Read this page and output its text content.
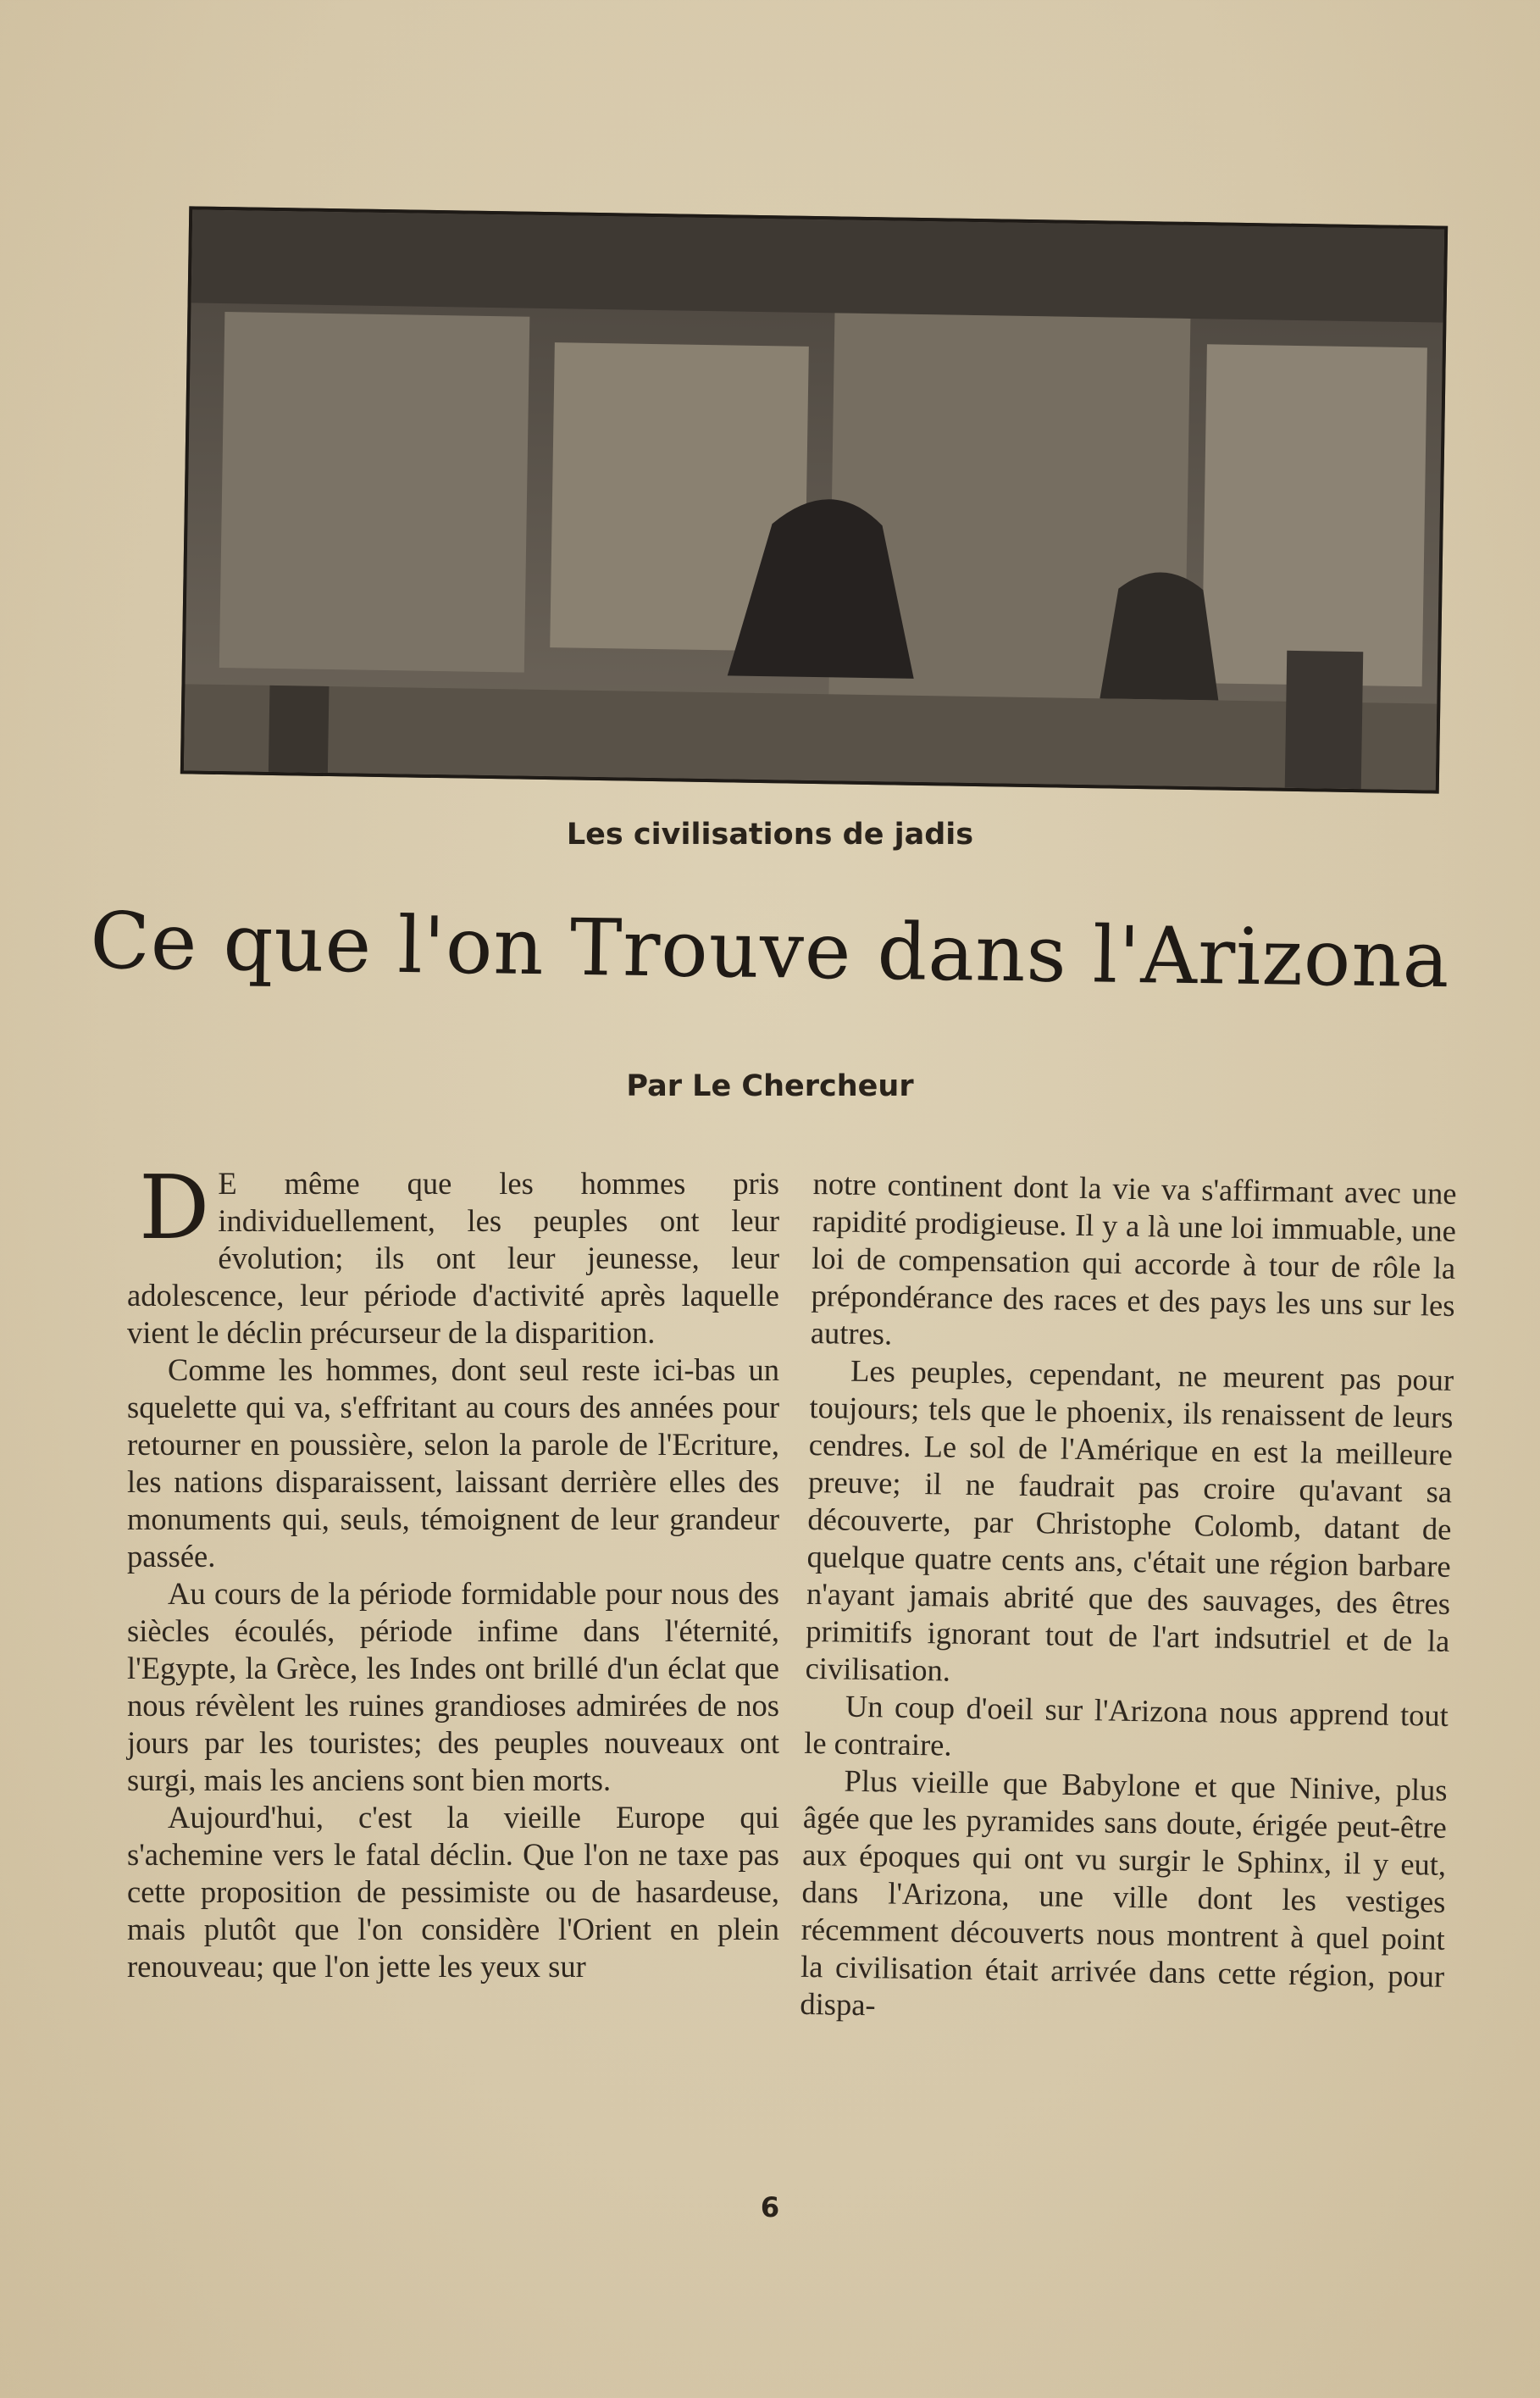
Les civilisations de jadis
Ce que l'on Trouve dans l'Arizona
Par Le Chercheur

DE même que les hommes pris individuellement, les peuples ont leur évolution; ils ont leur jeunesse, leur adolescence, leur période d'activité après laquelle vient le déclin précurseur de la disparition.

Comme les hommes, dont seul reste ici-bas un squelette qui va, s'effritant au cours des années pour retourner en poussière, selon la parole de l'Ecriture, les nations disparaissent, laissant derrière elles des monuments qui, seuls, témoignent de leur grandeur passée.

Au cours de la période formidable pour nous des siècles écoulés, période infime dans l'éternité, l'Egypte, la Grèce, les Indes ont brillé d'un éclat que nous révèlent les ruines grandioses admirées de nos jours par les touristes; des peuples nouveaux ont surgi, mais les anciens sont bien morts.

Aujourd'hui, c'est la vieille Europe qui s'achemine vers le fatal déclin. Que l'on ne taxe pas cette proposition de pessimiste ou de hasardeuse, mais plutôt que l'on considère l'Orient en plein renouveau; que l'on jette les yeux sur

notre continent dont la vie va s'affirmant avec une rapidité prodigieuse. Il y a là une loi immuable, une loi de compensation qui accorde à tour de rôle la prépondérance des races et des pays les uns sur les autres.

Les peuples, cependant, ne meurent pas pour toujours; tels que le phoenix, ils renaissent de leurs cendres. Le sol de l'Amérique en est la meilleure preuve; il ne faudrait pas croire qu'avant sa découverte, par Christophe Colomb, datant de quelque quatre cents ans, c'était une région barbare n'ayant jamais abrité que des sauvages, des êtres primitifs ignorant tout de l'art indsutriel et de la civilisation.

Un coup d'oeil sur l'Arizona nous apprend tout le contraire.

Plus vieille que Babylone et que Ninive, plus âgée que les pyramides sans doute, érigée peut-être aux époques qui ont vu surgir le Sphinx, il y eut, dans l'Arizona, une ville dont les vestiges récemment découverts nous montrent à quel point la civilisation était arrivée dans cette région, pour dispa-

6
